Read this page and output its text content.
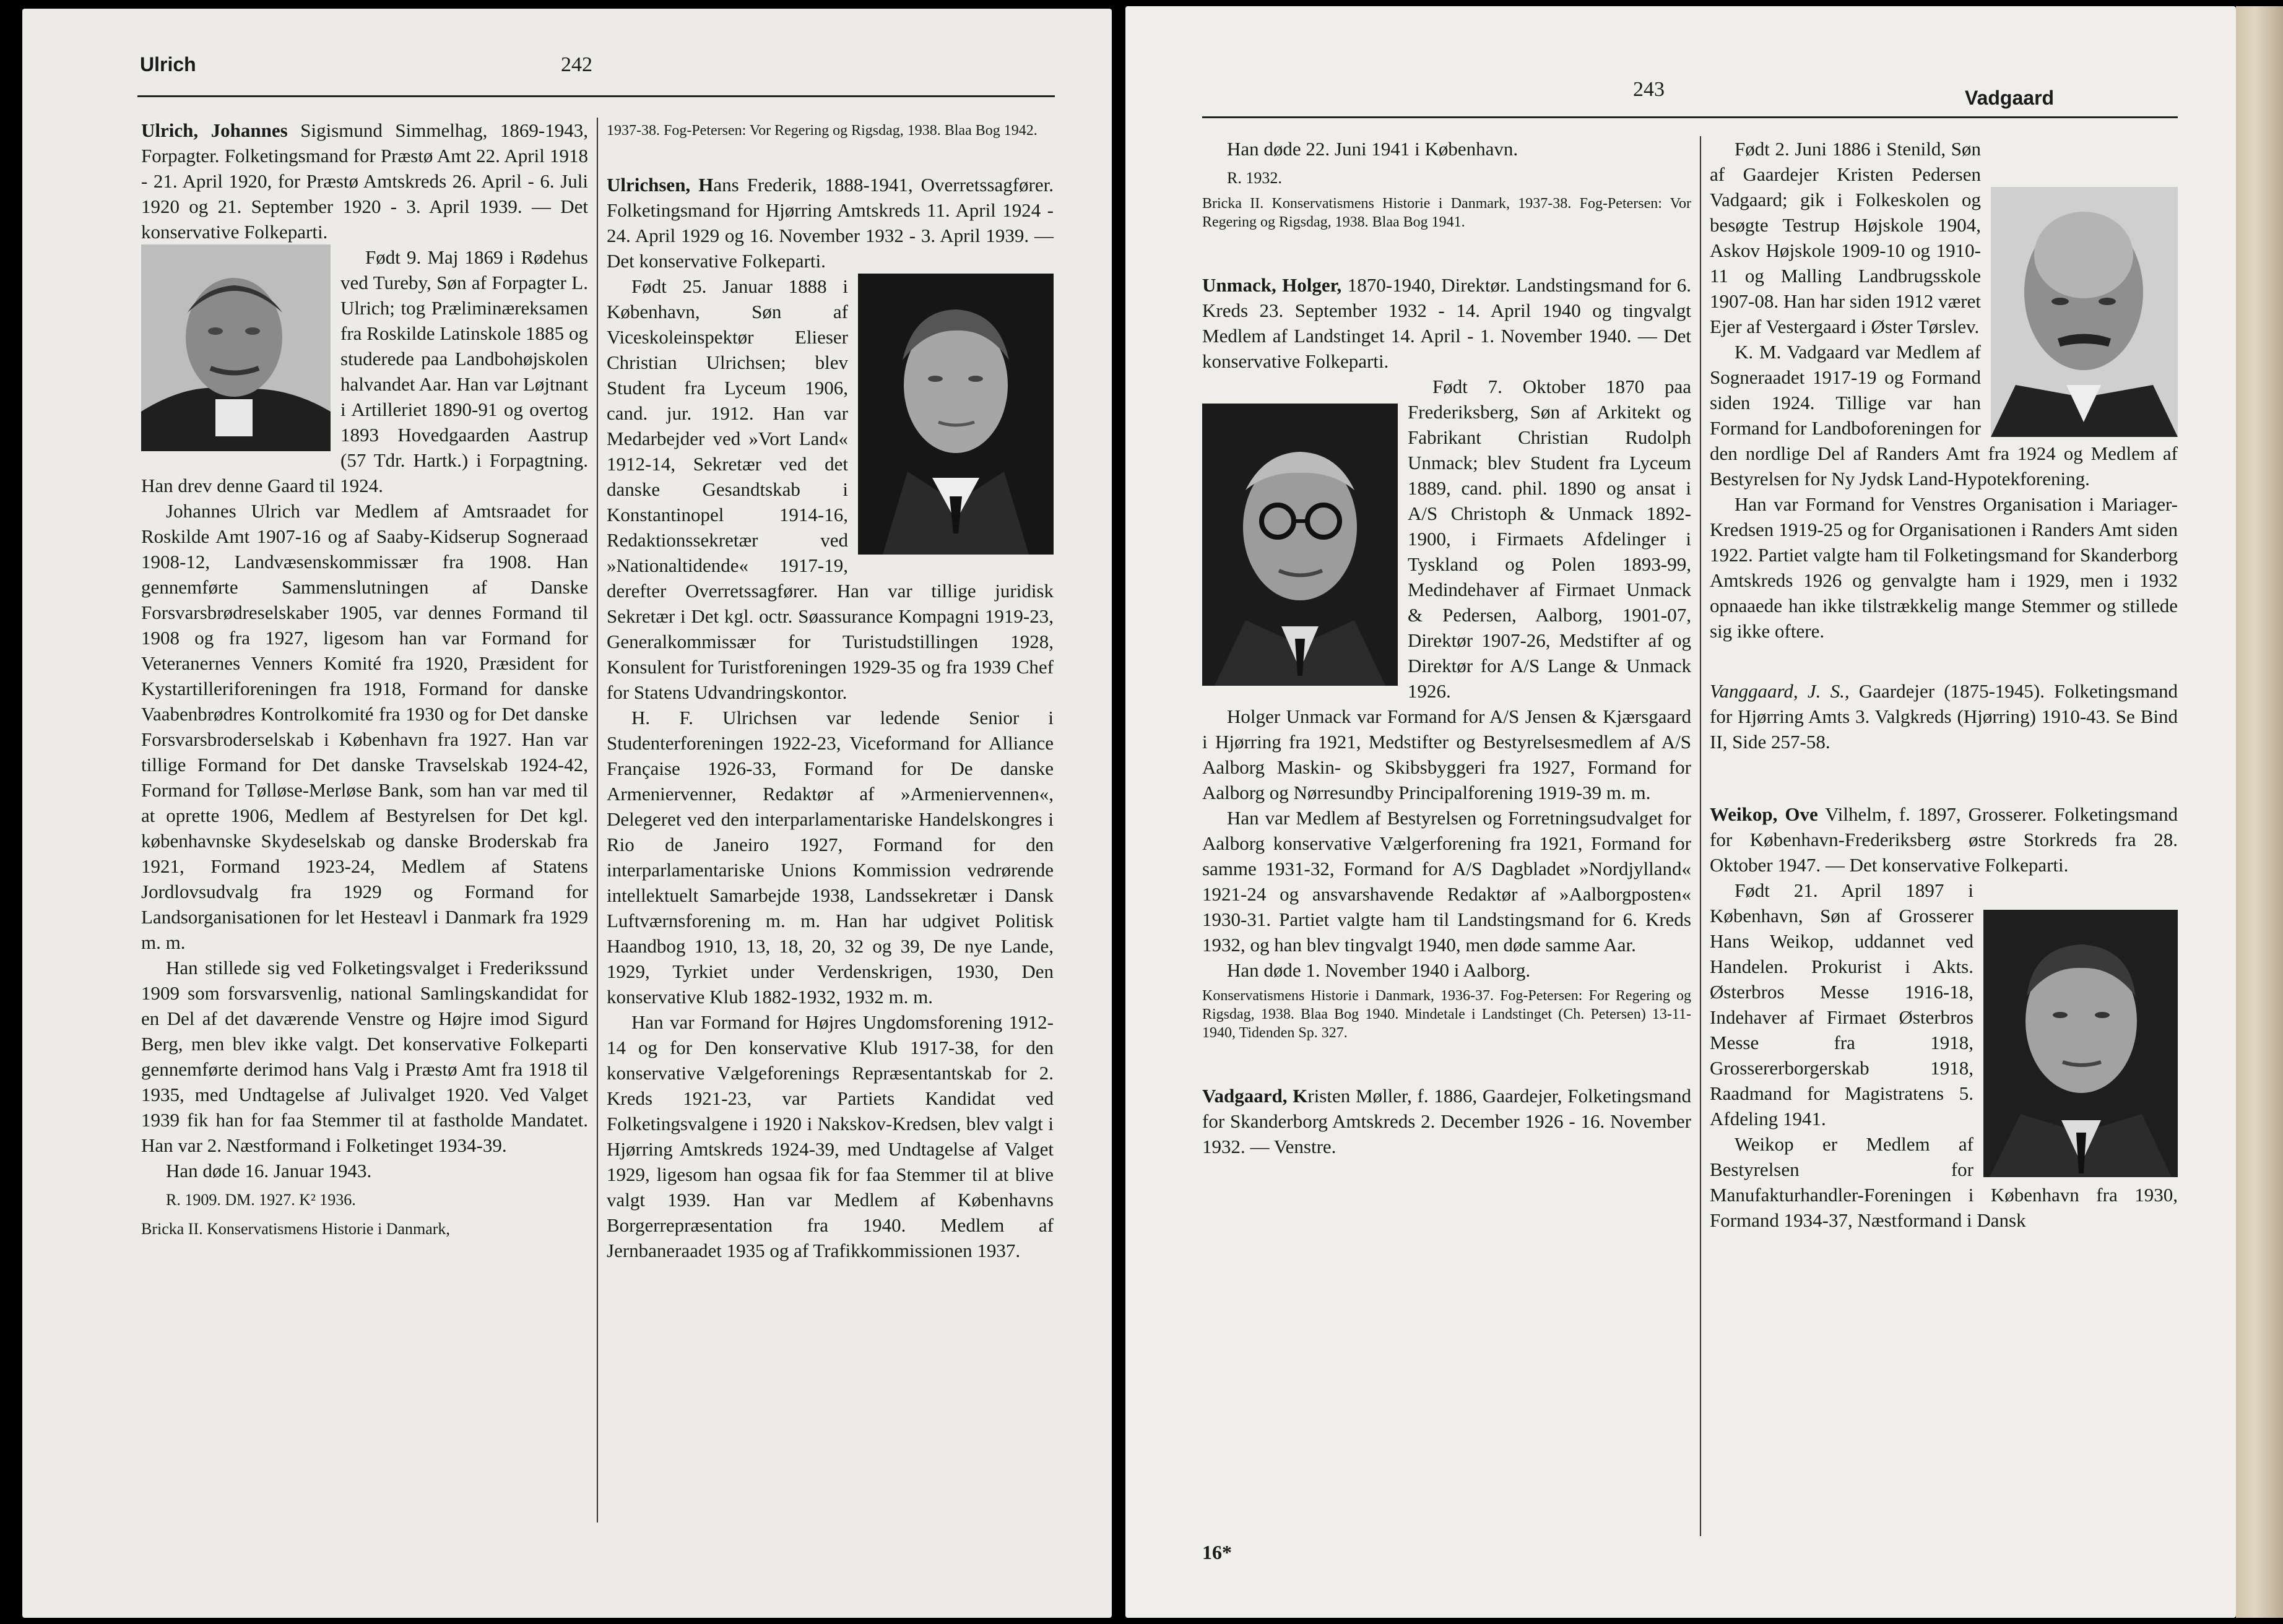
Ulrich	242

Ulrich, Johannes Sigismund Simmelhag, 1869-1943, Forpagter. Folketingsmand for Præstø Amt 22. April 1918 - 21. April 1920, for Præstø Amtskreds 26. April - 6. Juli 1920 og 21. September 1920 - 3. April 1939. — Det konservative Folkeparti.

Født 9. Maj 1869 i Rødehus ved Tureby, Søn af Forpagter L. Ulrich; tog Præliminæreksamen fra Roskilde Latinskole 1885 og studerede paa Landbohøjskolen halvandet Aar. Han var Løjtnant i Artilleriet 1890-91 og overtog 1893 Hovedgaarden Aastrup (57 Tdr. Hartk.) i Forpagtning. Han drev denne Gaard til 1924.

Johannes Ulrich var Medlem af Amtsraadet for Roskilde Amt 1907-16 og af Saaby-Kidserup Sogneraad 1908-12, Landvæsenskommissær fra 1908. Han gennemførte Sammenslutningen af Danske Forsvarsbrødreselskaber 1905, var dennes Formand til 1908 og fra 1927, ligesom han var Formand for Veteranernes Venners Komité fra 1920, Præsident for Kystartilleriforeningen fra 1918, Formand for danske Vaabenbrødres Kontrolkomité fra 1930 og for Det danske Forsvarsbroderselskab i København fra 1927. Han var tillige Formand for Det danske Travselskab 1924-42, Formand for Tølløse-Merløse Bank, som han var med til at oprette 1906, Medlem af Bestyrelsen for Det kgl. københavnske Skydeselskab og danske Broderskab fra 1921, Formand 1923-24, Medlem af Statens Jordlovsudvalg fra 1929 og Formand for Landsorganisationen for let Hesteavl i Danmark fra 1929 m. m.

Han stillede sig ved Folketingsvalget i Frederikssund 1909 som forsvarsvenlig, national Samlingskandidat for en Del af det daværende Venstre og Højre imod Sigurd Berg, men blev ikke valgt. Det konservative Folkeparti gennemførte derimod hans Valg i Præstø Amt fra 1918 til 1935, med Undtagelse af Julivalget 1920. Ved Valget 1939 fik han for faa Stemmer til at fastholde Mandatet. Han var 2. Næstformand i Folketinget 1934-39.

Han døde 16. Januar 1943.

R. 1909. DM. 1927. K² 1936.

Bricka II. Konservatismens Historie i Danmark,

1937-38. Fog-Petersen: Vor Regering og Rigsdag, 1938. Blaa Bog 1942.

Ulrichsen, Hans Frederik, 1888-1941, Overretssagfører. Folketingsmand for Hjørring Amtskreds 11. April 1924 - 24. April 1929 og 16. November 1932 - 3. April 1939. — Det konservative Folkeparti.

Født 25. Januar 1888 i København, Søn af Viceskoleinspektør Elieser Christian Ulrichsen; blev Student fra Lyceum 1906, cand. jur. 1912. Han var Medarbejder ved »Vort Land« 1912-14, Sekretær ved det danske Gesandtskab i Konstantinopel 1914-16, Redaktionssekretær ved »Nationaltidende« 1917-19, derefter Overretssagfører. Han var tillige juridisk Sekretær i Det kgl. octr. Søassurance Kompagni 1919-23, Generalkommissær for Turistudstillingen 1928, Konsulent for Turistforeningen 1929-35 og fra 1939 Chef for Statens Udvandringskontor.

H. F. Ulrichsen var ledende Senior i Studenterforeningen 1922-23, Viceformand for Alliance Française 1926-33, Formand for De danske Armeniervenner, Redaktør af »Armeniervennen«, Delegeret ved den interparlamentariske Handelskongres i Rio de Janeiro 1927, Formand for den interparlamentariske Unions Kommission vedrørende intellektuelt Samarbejde 1938, Landssekretær i Dansk Luftværnsforening m. m. Han har udgivet Politisk Haandbog 1910, 13, 18, 20, 32 og 39, De nye Lande, 1929, Tyrkiet under Verdenskrigen, 1930, Den konservative Klub 1882-1932, 1932 m. m.

Han var Formand for Højres Ungdomsforening 1912-14 og for Den konservative Klub 1917-38, for den konservative Vælgeforenings Repræsentantskab for 2. Kreds 1921-23, var Partiets Kandidat ved Folketingsvalgene i 1920 i Nakskov-Kredsen, blev valgt i Hjørring Amtskreds 1924-39, med Undtagelse af Valget 1929, ligesom han ogsaa fik for faa Stemmer til at blive valgt 1939. Han var Medlem af Københavns Borgerrepræsentation fra 1940. Medlem af Jernbaneraadet 1935 og af Trafikkommissionen 1937.

243	Vadgaard

Han døde 22. Juni 1941 i København.

R. 1932.

Bricka II. Konservatismens Historie i Danmark, 1937-38. Fog-Petersen: Vor Regering og Rigsdag, 1938. Blaa Bog 1941.

Unmack, Holger, 1870-1940, Direktør. Landstingsmand for 6. Kreds 23. September 1932 - 14. April 1940 og tingvalgt Medlem af Landstinget 14. April - 1. November 1940. — Det konservative Folkeparti.

Født 7. Oktober 1870 paa Frederiksberg, Søn af Arkitekt og Fabrikant Christian Rudolph Unmack; blev Student fra Lyceum 1889, cand. phil. 1890 og ansat i A/S Christoph & Unmack 1892-1900, i Firmaets Afdelinger i Tyskland og Polen 1893-99, Medindehaver af Firmaet Unmack & Pedersen, Aalborg, 1901-07, Direktør 1907-26, Medstifter af og Direktør for A/S Lange & Unmack 1926.

Holger Unmack var Formand for A/S Jensen & Kjærsgaard i Hjørring fra 1921, Medstifter og Bestyrelsesmedlem af A/S Aalborg Maskin- og Skibsbyggeri fra 1927, Formand for Aalborg og Nørresundby Principalforening 1919-39 m. m.

Han var Medlem af Bestyrelsen og Forretningsudvalget for Aalborg konservative Vælgerforening fra 1921, Formand for samme 1931-32, Formand for A/S Dagbladet »Nordjylland« 1921-24 og ansvarshavende Redaktør af »Aalborgposten« 1930-31. Partiet valgte ham til Landstingsmand for 6. Kreds 1932, og han blev tingvalgt 1940, men døde samme Aar.

Han døde 1. November 1940 i Aalborg.

Konservatismens Historie i Danmark, 1936-37. Fog-Petersen: For Regering og Rigsdag, 1938. Blaa Bog 1940. Mindetale i Landstinget (Ch. Petersen) 13-11-1940, Tidenden Sp. 327.

Vadgaard, Kristen Møller, f. 1886, Gaardejer, Folketingsmand for Skanderborg Amtskreds 2. December 1926 - 16. November 1932. — Venstre.

16*

Født 2. Juni 1886 i Stenild, Søn af Gaardejer Kristen Pedersen Vadgaard; gik i Folkeskolen og besøgte Testrup Højskole 1904, Askov Højskole 1909-10 og 1910-11 og Malling Landbrugsskole 1907-08. Han har siden 1912 været Ejer af Vestergaard i Øster Tørslev.

K. M. Vadgaard var Medlem af Sogneraadet 1917-19 og Formand siden 1924. Tillige var han Formand for Landboforeningen for den nordlige Del af Randers Amt fra 1924 og Medlem af Bestyrelsen for Ny Jydsk Land-Hypotekforening.

Han var Formand for Venstres Organisation i Mariager-Kredsen 1919-25 og for Organisationen i Randers Amt siden 1922. Partiet valgte ham til Folketingsmand for Skanderborg Amtskreds 1926 og genvalgte ham i 1929, men i 1932 opnaaede han ikke tilstrækkelig mange Stemmer og stillede sig ikke oftere.

Vanggaard, J. S., Gaardejer (1875-1945). Folketingsmand for Hjørring Amts 3. Valgkreds (Hjørring) 1910-43. Se Bind II, Side 257-58.

Weikop, Ove Vilhelm, f. 1897, Grosserer. Folketingsmand for København-Frederiksberg østre Storkreds fra 28. Oktober 1947. — Det konservative Folkeparti.

Født 21. April 1897 i København, Søn af Grosserer Hans Weikop, uddannet ved Handelen. Prokurist i Akts. Østerbros Messe 1916-18, Indehaver af Firmaet Østerbros Messe fra 1918, Grossererborgerskab 1918, Raadmand for Magistratens 5. Afdeling 1941.

Weikop er Medlem af Bestyrelsen for Manufakturhandler-Foreningen i København fra 1930, Formand 1934-37, Næstformand i Dansk
